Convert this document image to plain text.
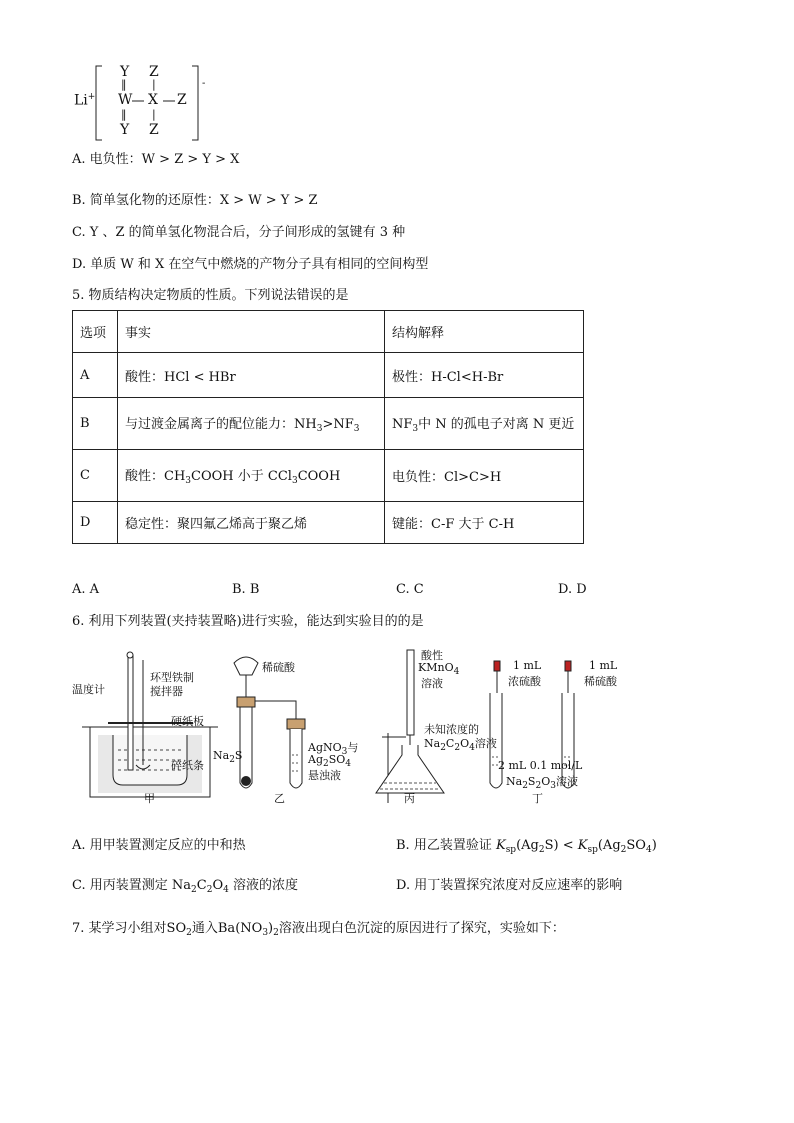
Li+
Y Z
‖ |
W X Z
‖ |
Y Z
-
A. 电负性：W > Z > Y > X
B. 简单氢化物的还原性：X > W > Y > Z
C. Y 、Z 的简单氢化物混合后，分子间形成的氢键有 3 种
D. 单质 W 和 X 在空气中燃烧的产物分子具有相同的空间构型
5. 物质结构决定物质的性质。下列说法错误的是
选项	事实	结构解释
A	酸性：HCl < HBr	极性：H-Cl<H-Br
B	与过渡金属离子的配位能力：$NH_3>NF_3$	$NF_3$中 N 的孤电子对离 N 更近
C	酸性：$CH_3COOH$ 小于 CCl$_3$COOH	电负性：Cl>C>H
D	稳定性：聚四氟乙烯高于聚乙烯	键能：C-F 大于 C-H
A. A	B. B	C. C	D. D
6. 利用下列装置(夹持装置略)进行实验，能达到实验目的的是
温度计
环型铁制
搅拌器
硬纸板
碎纸条
甲
稀硫酸
$Na_2S$
AgNO$_3$与
$Ag_2SO_4$
悬浊液
乙
酸性
KMnO$_4$
溶液
未知浓度的
$Na_2C_2O_4$溶液
丙
1 mL
浓硫酸
1 mL
稀硫酸
2 mL 0.1 mol/L
$Na_2S_2O_3$溶液
丁
A. 用甲装置测定反应的中和热	B. 用乙装置验证 $K_{sp}(Ag_2S) < K_{sp}(Ag_2SO_4)$
C. 用丙装置测定 $Na_2C_2O_4$ 溶液的浓度	D. 用丁装置探究浓度对反应速率的影响
7. 某学习小组对$SO_2$通入$Ba(NO_3)_2$溶液出现白色沉淀的原因进行了探究，实验如下：
